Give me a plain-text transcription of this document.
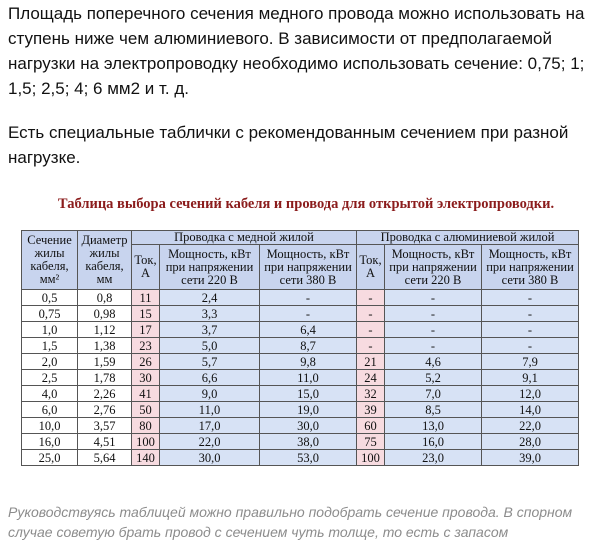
Площадь поперечного сечения медного провода можно использовать на ступень ниже чем алюминиевого. В зависимости от предполагаемой нагрузки на электропроводку необходимо использовать сечение: 0,75; 1; 1,5; 2,5; 4; 6 мм2 и т. д.

Есть специальные таблички с рекомендованным сечением при разной нагрузке.

Таблица выбора сечений кабеля и провода для открытой электропроводки.
Сечение жилы кабеля, мм²	Диаметр жилы кабеля, мм	Проводка с медной жилой			Проводка с алюминиевой жилой		
		Ток, А	Мощность, кВт при напряжении сети 220 В	Мощность, кВт при напряжении сети 380 В	Ток, А	Мощность, кВт при напряжении сети 220 В	Мощность, кВт при напряжении сети 380 В
0,5	0,8	11	2,4	-	-	-	-
0,75	0,98	15	3,3	-	-	-	-
1,0	1,12	17	3,7	6,4	-	-	-
1,5	1,38	23	5,0	8,7	-	-	-
2,0	1,59	26	5,7	9,8	21	4,6	7,9
2,5	1,78	30	6,6	11,0	24	5,2	9,1
4,0	2,26	41	9,0	15,0	32	7,0	12,0
6,0	2,76	50	11,0	19,0	39	8,5	14,0
10,0	3,57	80	17,0	30,0	60	13,0	22,0
16,0	4,51	100	22,0	38,0	75	16,0	28,0
25,0	5,64	140	30,0	53,0	100	23,0	39,0

Руководствуясь таблицей можно правильно подобрать сечение провода. В спорном случае советую брать провод с сечением чуть толще, то есть с запасом
